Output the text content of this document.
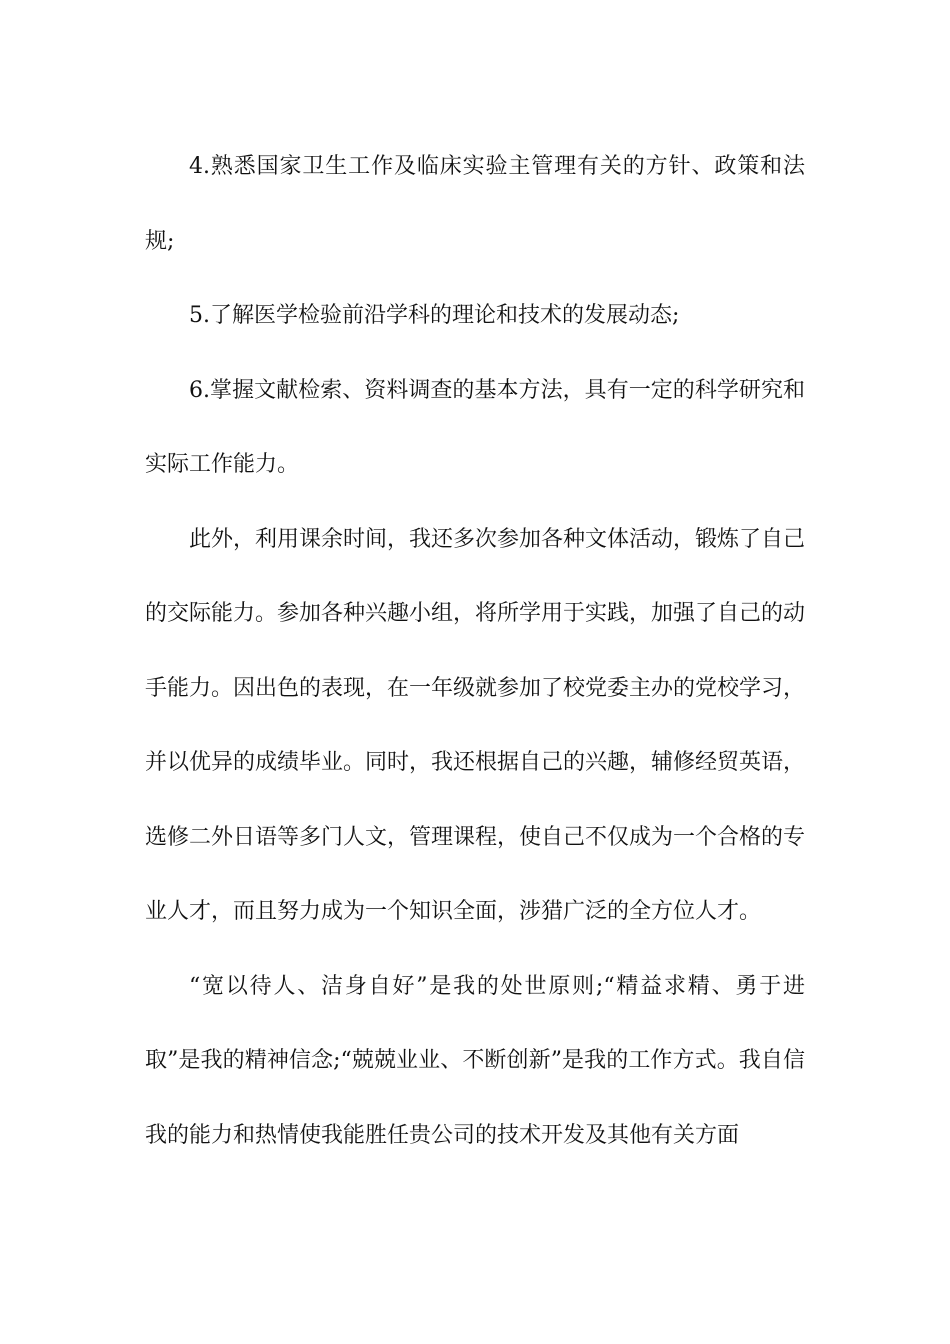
4.熟悉国家卫生工作及临床实验主管理有关的方针、政策和法规;

5.了解医学检验前沿学科的理论和技术的发展动态;

6.掌握文献检索、资料调查的基本方法，具有一定的科学研究和实际工作能力。

此外，利用课余时间，我还多次参加各种文体活动，锻炼了自己的交际能力。参加各种兴趣小组，将所学用于实践，加强了自己的动手能力。因出色的表现，在一年级就参加了校党委主办的党校学习，并以优异的成绩毕业。同时，我还根据自己的兴趣，辅修经贸英语，选修二外日语等多门人文，管理课程，使自己不仅成为一个合格的专业人才，而且努力成为一个知识全面，涉猎广泛的全方位人才。

“宽以待人、洁身自好”是我的处世原则;“精益求精、勇于进取”是我的精神信念;“兢兢业业、不断创新”是我的工作方式。我自信我的能力和热情使我能胜任贵公司的技术开发及其他有关方面
